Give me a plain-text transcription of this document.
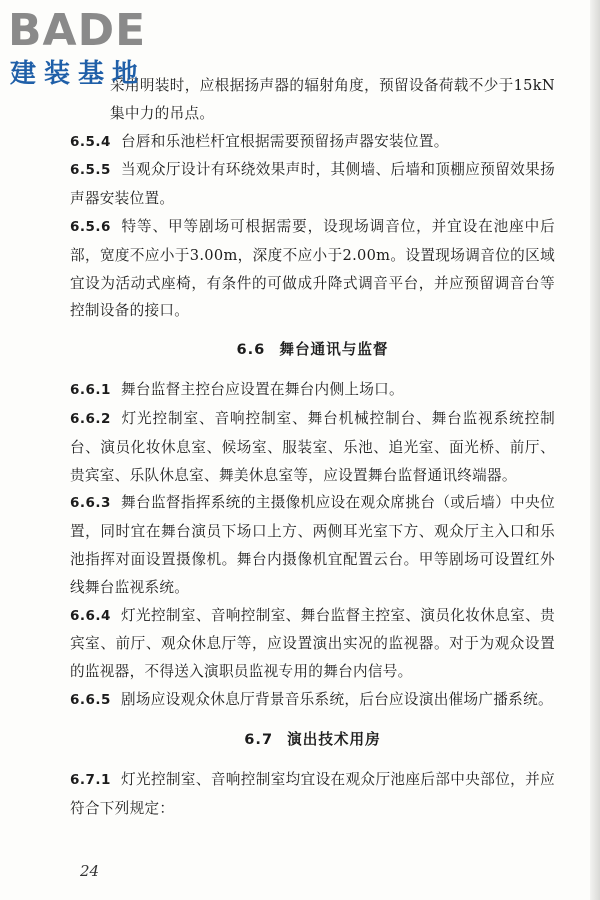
BADE
建装基地

采用明装时，应根据扬声器的辐射角度，预留设备荷载不少于15kN集中力的吊点。

6.5.4 台唇和乐池栏杆宜根据需要预留扬声器安装位置。

6.5.5 当观众厅设计有环绕效果声时，其侧墙、后墙和顶棚应预留效果扬声器安装位置。

6.5.6 特等、甲等剧场可根据需要，设现场调音位，并宜设在池座中后部，宽度不应小于3.00m，深度不应小于2.00m。设置现场调音位的区域宜设为活动式座椅，有条件的可做成升降式调音平台，并应预留调音台等控制设备的接口。

6.6 舞台通讯与监督

6.6.1 舞台监督主控台应设置在舞台内侧上场口。

6.6.2 灯光控制室、音响控制室、舞台机械控制台、舞台监视系统控制台、演员化妆休息室、候场室、服装室、乐池、追光室、面光桥、前厅、贵宾室、乐队休息室、舞美休息室等，应设置舞台监督通讯终端器。

6.6.3 舞台监督指挥系统的主摄像机应设在观众席挑台（或后墙）中央位置，同时宜在舞台演员下场口上方、两侧耳光室下方、观众厅主入口和乐池指挥对面设置摄像机。舞台内摄像机宜配置云台。甲等剧场可设置红外线舞台监视系统。

6.6.4 灯光控制室、音响控制室、舞台监督主控室、演员化妆休息室、贵宾室、前厅、观众休息厅等，应设置演出实况的监视器。对于为观众设置的监视器，不得送入演职员监视专用的舞台内信号。

6.6.5 剧场应设观众休息厅背景音乐系统，后台应设演出催场广播系统。

6.7 演出技术用房

6.7.1 灯光控制室、音响控制室均宜设在观众厅池座后部中央部位，并应符合下列规定：

24
